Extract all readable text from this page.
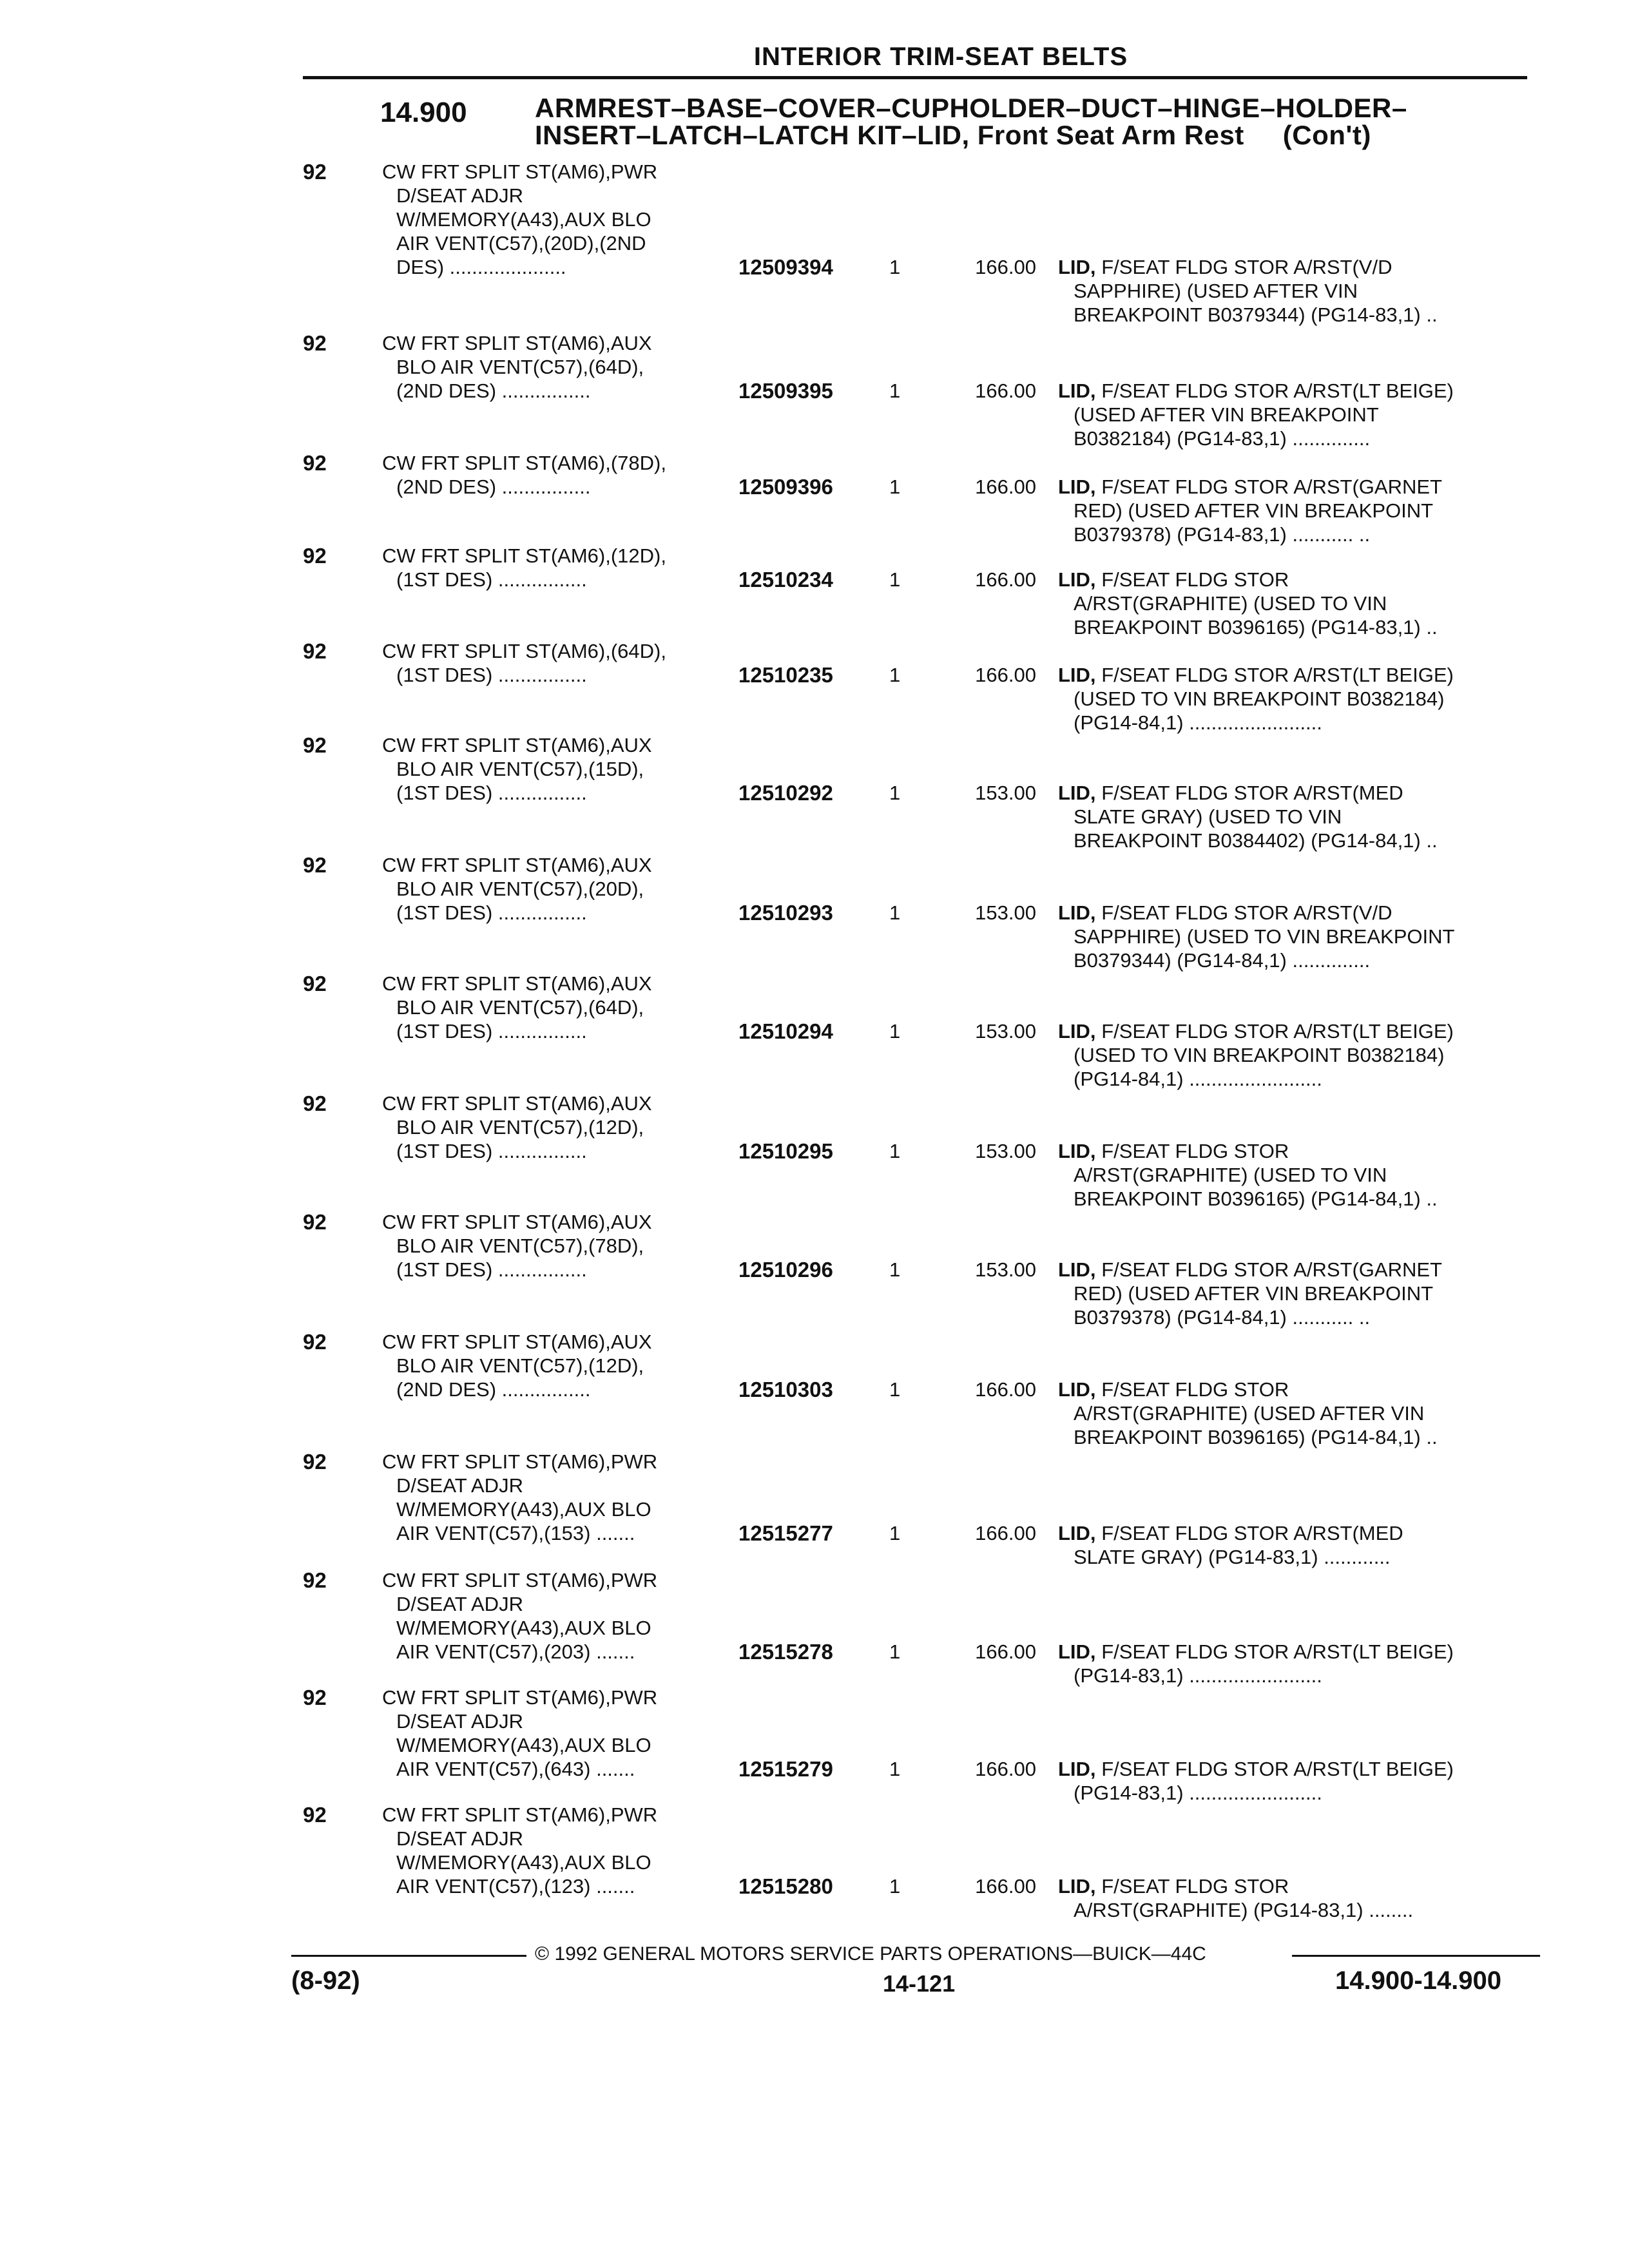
INTERIOR TRIM-SEAT BELTS
14.900	ARMREST–BASE–COVER–CUPHOLDER–DUCT–HINGE–HOLDER–
INSERT–LATCH–LATCH KIT–LID, Front Seat Arm Rest (Con't)
92	CW FRT SPLIT ST(AM6),PWR
D/SEAT ADJR
W/MEMORY(A43),AUX BLO
AIR VENT(C57),(20D),(2ND
DES) .....................	12509394	1	166.00 LID, F/SEAT FLDG STOR A/RST(V/D
SAPPHIRE) (USED AFTER VIN
BREAKPOINT B0379344) (PG14-83,1) ..
92	CW FRT SPLIT ST(AM6),AUX
BLO AIR VENT(C57),(64D),
(2ND DES) ................	12509395	1	166.00 LID, F/SEAT FLDG STOR A/RST(LT BEIGE)
(USED AFTER VIN BREAKPOINT
B0382184) (PG14-83,1) ..............
92	CW FRT SPLIT ST(AM6),(78D),
(2ND DES) ................	12509396	1	166.00 LID, F/SEAT FLDG STOR A/RST(GARNET
RED) (USED AFTER VIN BREAKPOINT
B0379378) (PG14-83,1) ........... ..
92	CW FRT SPLIT ST(AM6),(12D),
(1ST DES) ................	12510234	1	166.00 LID, F/SEAT FLDG STOR
A/RST(GRAPHITE) (USED TO VIN
BREAKPOINT B0396165) (PG14-83,1) ..
92	CW FRT SPLIT ST(AM6),(64D),
(1ST DES) ................	12510235	1	166.00 LID, F/SEAT FLDG STOR A/RST(LT BEIGE)
(USED TO VIN BREAKPOINT B0382184)
(PG14-84,1) ........................
92	CW FRT SPLIT ST(AM6),AUX
BLO AIR VENT(C57),(15D),
(1ST DES) ................	12510292	1	153.00 LID, F/SEAT FLDG STOR A/RST(MED
SLATE GRAY) (USED TO VIN
BREAKPOINT B0384402) (PG14-84,1) ..
92	CW FRT SPLIT ST(AM6),AUX
BLO AIR VENT(C57),(20D),
(1ST DES) ................	12510293	1	153.00 LID, F/SEAT FLDG STOR A/RST(V/D
SAPPHIRE) (USED TO VIN BREAKPOINT
B0379344) (PG14-84,1) ..............
92	CW FRT SPLIT ST(AM6),AUX
BLO AIR VENT(C57),(64D),
(1ST DES) ................	12510294	1	153.00 LID, F/SEAT FLDG STOR A/RST(LT BEIGE)
(USED TO VIN BREAKPOINT B0382184)
(PG14-84,1) ........................
92	CW FRT SPLIT ST(AM6),AUX
BLO AIR VENT(C57),(12D),
(1ST DES) ................	12510295	1	153.00 LID, F/SEAT FLDG STOR
A/RST(GRAPHITE) (USED TO VIN
BREAKPOINT B0396165) (PG14-84,1) ..
92	CW FRT SPLIT ST(AM6),AUX
BLO AIR VENT(C57),(78D),
(1ST DES) ................	12510296	1	153.00 LID, F/SEAT FLDG STOR A/RST(GARNET
RED) (USED AFTER VIN BREAKPOINT
B0379378) (PG14-84,1) ........... ..
92	CW FRT SPLIT ST(AM6),AUX
BLO AIR VENT(C57),(12D),
(2ND DES) ................	12510303	1	166.00 LID, F/SEAT FLDG STOR
A/RST(GRAPHITE) (USED AFTER VIN
BREAKPOINT B0396165) (PG14-84,1) ..
92	CW FRT SPLIT ST(AM6),PWR
D/SEAT ADJR
W/MEMORY(A43),AUX BLO
AIR VENT(C57),(153) .......	12515277	1	166.00 LID, F/SEAT FLDG STOR A/RST(MED
SLATE GRAY) (PG14-83,1) ............
92	CW FRT SPLIT ST(AM6),PWR
D/SEAT ADJR
W/MEMORY(A43),AUX BLO
AIR VENT(C57),(203) .......	12515278	1	166.00 LID, F/SEAT FLDG STOR A/RST(LT BEIGE)
(PG14-83,1) ........................
92	CW FRT SPLIT ST(AM6),PWR
D/SEAT ADJR
W/MEMORY(A43),AUX BLO
AIR VENT(C57),(643) .......	12515279	1	166.00 LID, F/SEAT FLDG STOR A/RST(LT BEIGE)
(PG14-83,1) ........................
92	CW FRT SPLIT ST(AM6),PWR
D/SEAT ADJR
W/MEMORY(A43),AUX BLO
AIR VENT(C57),(123) .......	12515280	1	166.00 LID, F/SEAT FLDG STOR
A/RST(GRAPHITE) (PG14-83,1) ........
© 1992 GENERAL MOTORS SERVICE PARTS OPERATIONS—BUICK—44C
(8-92)	14-121	14.900-14.900
